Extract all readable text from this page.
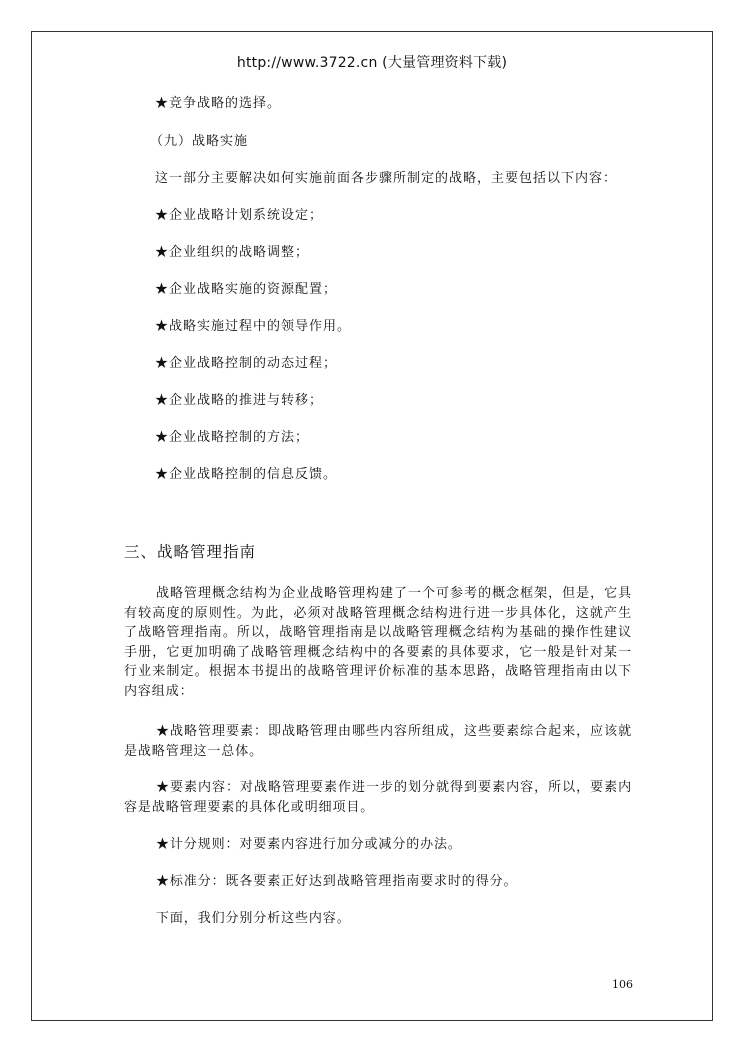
http://www.3722.cn (大量管理资料下载)
★竞争战略的选择。
（九）战略实施
这一部分主要解决如何实施前面各步骤所制定的战略，主要包括以下内容：
★企业战略计划系统设定；
★企业组织的战略调整；
★企业战略实施的资源配置；
★战略实施过程中的领导作用。
★企业战略控制的动态过程；
★企业战略的推进与转移；
★企业战略控制的方法；
★企业战略控制的信息反馈。
三、战略管理指南
战略管理概念结构为企业战略管理构建了一个可参考的概念框架，但是，它具有较高度的原则性。为此，必须对战略管理概念结构进行进一步具体化，这就产生了战略管理指南。所以，战略管理指南是以战略管理概念结构为基础的操作性建议手册，它更加明确了战略管理概念结构中的各要素的具体要求，它一般是针对某一行业来制定。根据本书提出的战略管理评价标准的基本思路，战略管理指南由以下内容组成：
★战略管理要素：即战略管理由哪些内容所组成，这些要素综合起来，应该就是战略管理这一总体。
★要素内容：对战略管理要素作进一步的划分就得到要素内容，所以，要素内容是战略管理要素的具体化或明细项目。
★计分规则：对要素内容进行加分或减分的办法。
★标准分：既各要素正好达到战略管理指南要求时的得分。
下面，我们分别分析这些内容。
106
